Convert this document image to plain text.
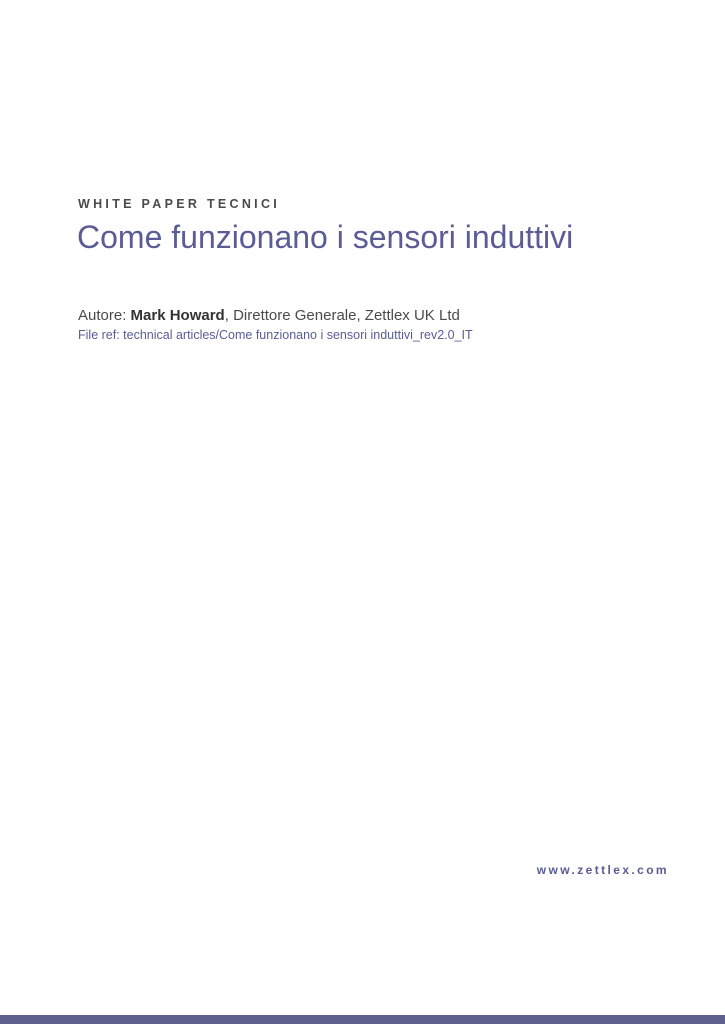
WHITE PAPER TECNICI
Come funzionano i sensori induttivi
Autore: Mark Howard, Direttore Generale, Zettlex UK Ltd
File ref: technical articles/Come funzionano i sensori induttivi_rev2.0_IT
www.zettlex.com
